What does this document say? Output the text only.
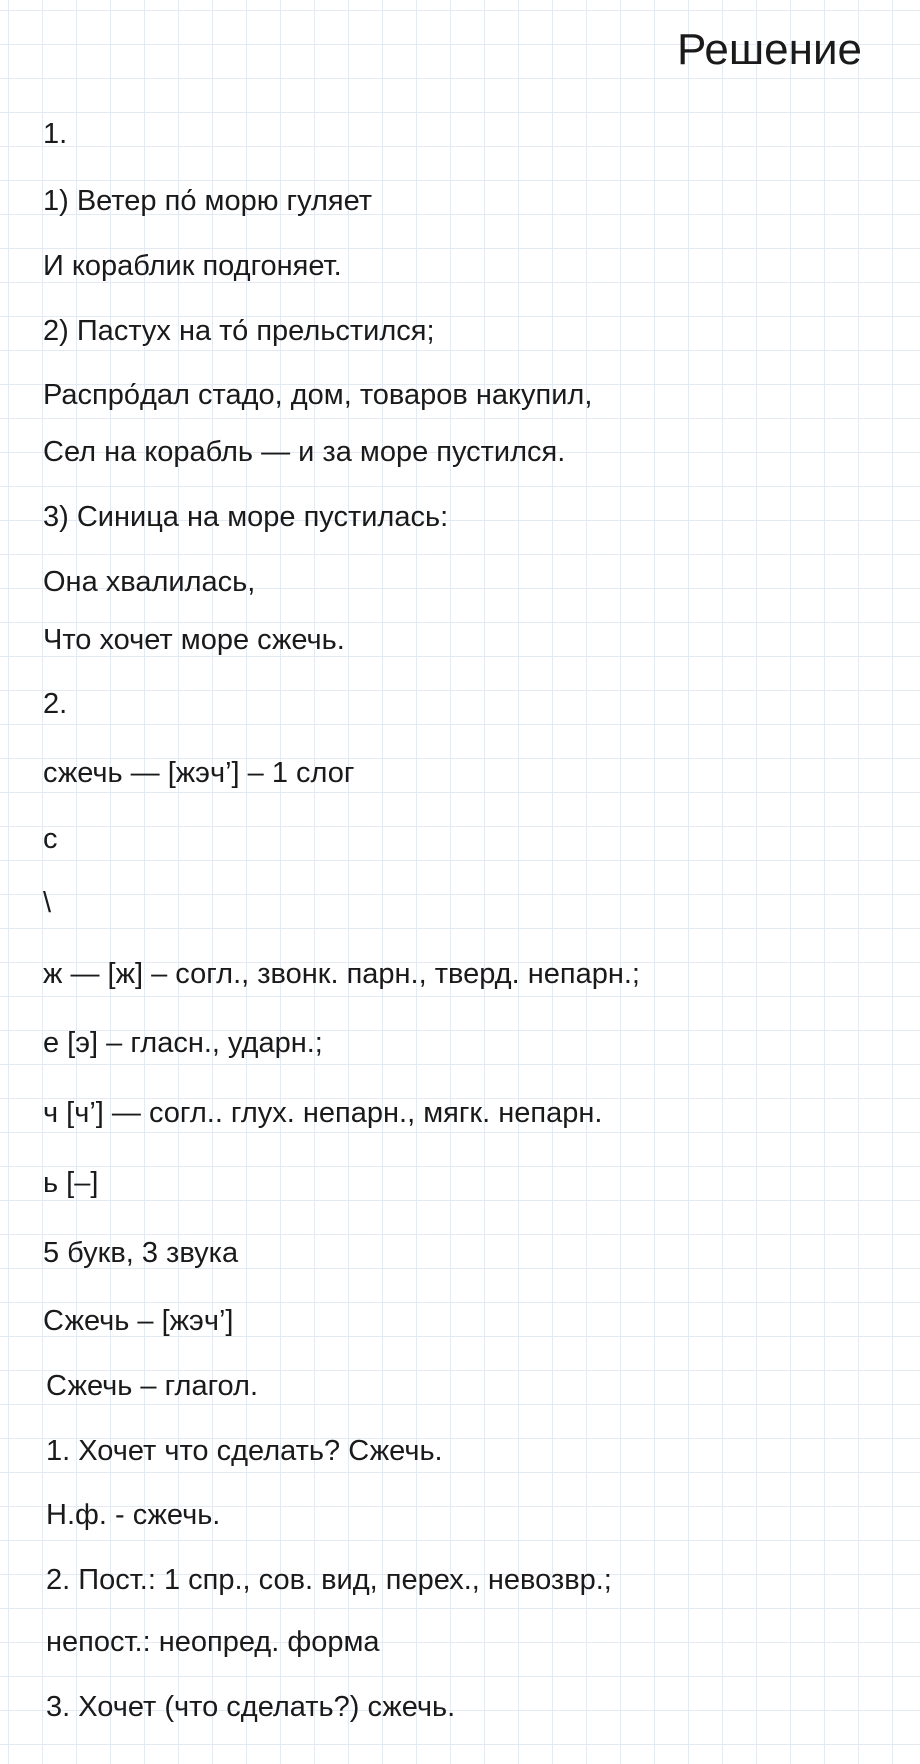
Решение
1.
1) Ветер по́ морю гуляет
И кораблик подгоняет.
2) Пастух на то́ прельстился;
Распро́дал стадо, дом, товаров накупил,
Сел на корабль — и за море пустился.
3) Синица на море пустилась:
Она хвалилась,
Что хочет море сжечь.
2.
сжечь — [жэч’] – 1 слог
с
\
ж — [ж] – согл., звонк. парн., тверд. непарн.;
е [э] – гласн., ударн.;
ч [ч’] — согл.. глух. непарн., мягк. непарн.
ь [–]
5 букв, 3 звука
Сжечь – [жэч’]
Сжечь – глагол.
1. Хочет что сделать? Сжечь.
Н.ф. - сжечь.
2. Пост.: 1 спр., сов. вид, перех., невозвр.;
непост.: неопред. форма
3. Хочет (что сделать?) сжечь.
